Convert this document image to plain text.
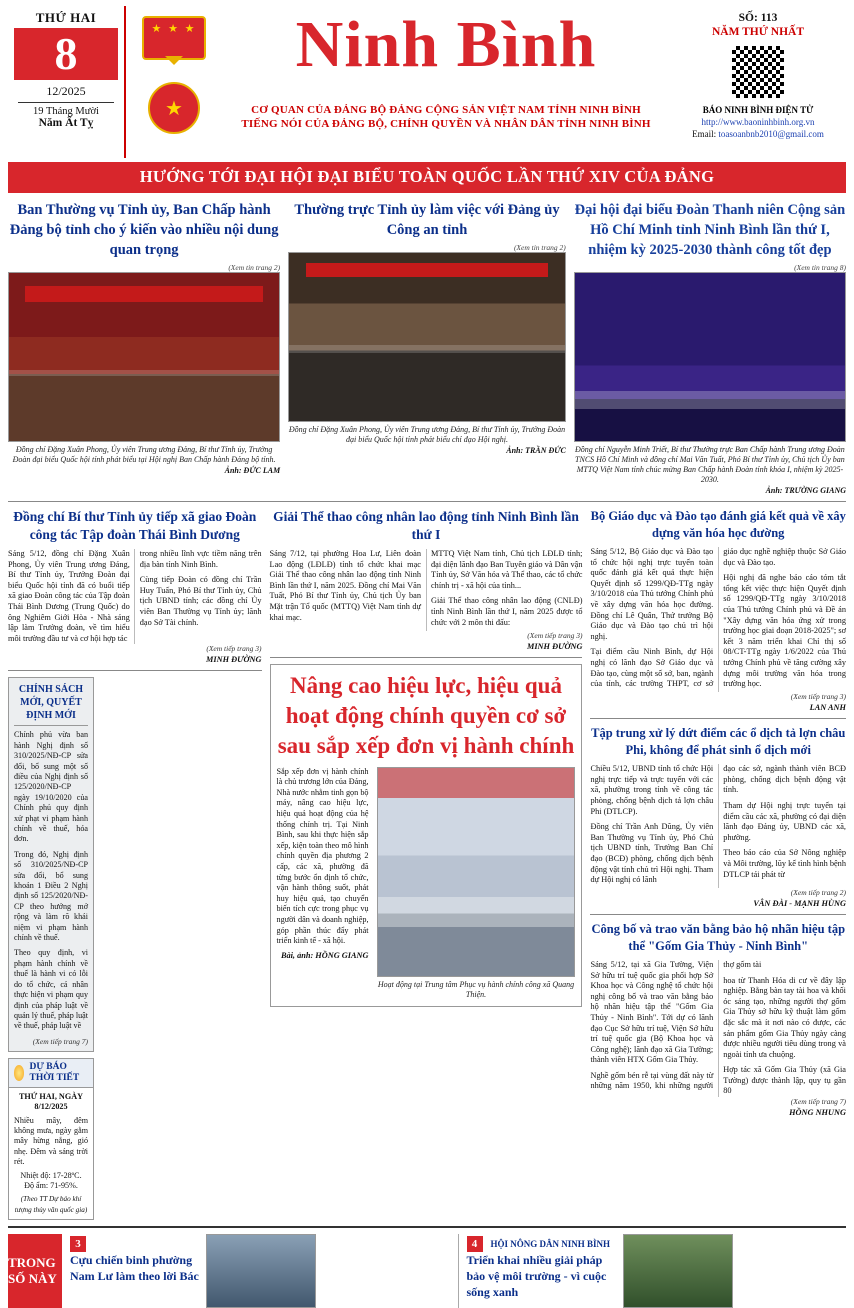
THỨ HAI
8
12/2025
19 Tháng Mười
Năm Ất Tỵ
★ ★ ★
★
Ninh Bình
CƠ QUAN CỦA ĐẢNG BỘ ĐẢNG CỘNG SẢN VIỆT NAM TỈNH NINH BÌNH
TIẾNG NÓI CỦA ĐẢNG BỘ, CHÍNH QUYỀN VÀ NHÂN DÂN TỈNH NINH BÌNH
SỐ: 113
NĂM THỨ NHẤT
BÁO NINH BÌNH ĐIỆN TỬ
http://www.baoninhbinh.org.vn
Email: toasoanbnb2010@gmail.com
HƯỚNG TỚI ĐẠI HỘI ĐẠI BIỂU TOÀN QUỐC LẦN THỨ XIV CỦA ĐẢNG
Ban Thường vụ Tỉnh ủy, Ban Chấp hành Đảng bộ tỉnh cho ý kiến vào nhiều nội dung quan trọng
(Xem tin trang 2)
Đồng chí Đặng Xuân Phong, Ủy viên Trung ương Đảng, Bí thư Tỉnh ủy, Trưởng Đoàn đại biểu Quốc hội tỉnh phát biểu tại Hội nghị Ban Chấp hành Đảng bộ tỉnh.
Ảnh: ĐỨC LAM
Thường trực Tỉnh ủy làm việc với Đảng ủy Công an tỉnh
(Xem tin trang 2)
Đồng chí Đặng Xuân Phong, Ủy viên Trung ương Đảng, Bí thư Tỉnh ủy, Trưởng Đoàn đại biểu Quốc hội tỉnh phát biểu chỉ đạo Hội nghị.
Ảnh: TRẦN ĐỨC
Đại hội đại biểu Đoàn Thanh niên Cộng sản Hồ Chí Minh tỉnh Ninh Bình lần thứ I, nhiệm kỳ 2025-2030 thành công tốt đẹp
(Xem tin trang 8)
Đồng chí Nguyễn Minh Triết, Bí thư Thường trực Ban Chấp hành Trung ương Đoàn TNCS Hồ Chí Minh và đồng chí Mai Văn Tuất, Phó Bí thư Tỉnh ủy, Chủ tịch Ủy ban MTTQ Việt Nam tỉnh chúc mừng Ban Chấp hành Đoàn tỉnh khóa I, nhiệm kỳ 2025-2030.
Ảnh: TRƯỜNG GIANG
Đồng chí Bí thư Tỉnh ủy tiếp xã giao Đoàn công tác Tập đoàn Thái Bình Dương

Sáng 5/12, đồng chí Đặng Xuân Phong, Ủy viên Trung ương Đảng, Bí thư Tỉnh ủy, Trưởng Đoàn đại biểu Quốc hội tỉnh đã có buổi tiếp xã giao Đoàn công tác của Tập đoàn Thái Bình Dương (Trung Quốc) do ông Nghiêm Giới Hòa - Nhà sáng lập làm Trưởng đoàn, về tìm hiểu môi trường đầu tư và cơ hội hợp tác

trong nhiều lĩnh vực tiềm năng trên địa bàn tỉnh Ninh Bình.

Cùng tiếp Đoàn có đồng chí Trần Huy Tuấn, Phó Bí thư Tỉnh ủy, Chủ tịch UBND tỉnh; các đồng chí Ủy viên Ban Thường vụ Tỉnh ủy; lãnh đạo Sở Tài chính.

(Xem tiếp trang 3)
MINH ĐƯỜNG
CHÍNH SÁCH MỚI, QUYẾT ĐỊNH MỚI

Chính phủ vừa ban hành Nghị định số 310/2025/NĐ-CP sửa đổi, bổ sung một số điều của Nghị định số 125/2020/NĐ-CP ngày 19/10/2020 của Chính phủ quy định xử phạt vi phạm hành chính về thuế, hóa đơn.

Trong đó, Nghị định số 310/2025/NĐ-CP sửa đổi, bổ sung khoản 1 Điều 2 Nghị định số 125/2020/NĐ-CP theo hướng mở rộng và làm rõ khái niệm vi phạm hành chính về thuế.

Theo quy định, vi phạm hành chính về thuế là hành vi có lỗi do tổ chức, cá nhân thực hiện vi phạm quy định của pháp luật về quản lý thuế, pháp luật về thuế, pháp luật về

(Xem tiếp trang 7)
DỰ BÁO THỜI TIẾT
THỨ HAI, NGÀY 8/12/2025
Nhiều mây, đêm không mưa, ngày gằm mây hừng nắng, gió nhẹ. Đêm và sáng trời rét.
Nhiệt độ: 17-28ºC.
Độ ẩm: 71-95%.
(Theo TT Dự báo khí tượng thủy văn quốc gia)
Giải Thể thao công nhân lao động tỉnh Ninh Bình lần thứ I

Sáng 7/12, tại phường Hoa Lư, Liên đoàn Lao động (LĐLĐ) tỉnh tổ chức khai mạc Giải Thể thao công nhân lao động tỉnh Ninh Bình lần thứ I, năm 2025. Đồng chí Mai Văn Tuất, Phó Bí thư Tỉnh ủy, Chủ tịch Ủy ban Mặt trận Tổ quốc (MTTQ) Việt Nam tỉnh dự khai mạc.

MTTQ Việt Nam tỉnh, Chủ tịch LĐLĐ tỉnh; đại diện lãnh đạo Ban Tuyên giáo và Dân vận Tỉnh ủy, Sở Văn hóa và Thể thao, các tổ chức chính trị - xã hội của tỉnh...

Giải Thể thao công nhân lao động (CNLĐ) tỉnh Ninh Bình lần thứ I, năm 2025 được tổ chức với 2 môn thi đấu:

(Xem tiếp trang 3)
MINH ĐƯỜNG
Nâng cao hiệu lực, hiệu quả hoạt động chính quyền cơ sở sau sắp xếp đơn vị hành chính
Sắp xếp đơn vị hành chính là chủ trương lớn của Đảng, Nhà nước nhằm tinh gọn bộ máy, nâng cao hiệu lực, hiệu quả hoạt động của hệ thống chính trị. Tại Ninh Bình, sau khi thực hiện sắp xếp, kiện toàn theo mô hình chính quyền địa phương 2 cấp, các xã, phường đã từng bước ổn định tổ chức, vận hành thông suốt, phát huy hiệu quả, tạo chuyển biến tích cực trong phục vụ người dân và doanh nghiệp, góp phần thúc đẩy phát triển kinh tế - xã hội.
Bài, ảnh: HỒNG GIANG
Hoạt động tại Trung tâm Phục vụ hành chính công xã Quang Thiện.
Bộ Giáo dục và Đào tạo đánh giá kết quả về xây dựng văn hóa học đường

Sáng 5/12, Bộ Giáo dục và Đào tạo tổ chức hội nghị trực tuyến toàn quốc đánh giá kết quả thực hiện Quyết định số 1299/QĐ-TTg ngày 3/10/2018 của Thủ tướng Chính phủ về xây dựng văn hóa học đường. Đồng chí Lê Quân, Thứ trưởng Bộ Giáo dục và Đào tạo chủ trì hội nghị.

Tại điểm cầu Ninh Bình, dự Hội nghị có lãnh đạo Sở Giáo dục và Đào tạo, cùng một số sở, ban, ngành của tỉnh, các trường THPT, cơ sở giáo dục nghề nghiệp thuộc Sở Giáo dục và Đào tạo.

Hội nghị đã nghe báo cáo tóm tắt tổng kết việc thực hiện Quyết định số 1299/QĐ-TTg ngày 3/10/2018 của Thủ tướng Chính phủ và Đề án "Xây dựng văn hóa ứng xử trong trường học giai đoạn 2018-2025"; sơ kết 3 năm triển khai Chỉ thị số 08/CT-TTg ngày 1/6/2022 của Thủ tướng Chính phủ về tăng cường xây dựng môi trường văn hóa trong trường học.

(Xem tiếp trang 3)
LAN ANH
Tập trung xử lý dứt điểm các ổ dịch tả lợn châu Phi, không để phát sinh ổ dịch mới

Chiều 5/12, UBND tỉnh tổ chức Hội nghị trực tiếp và trực tuyến với các xã, phường trong tỉnh về công tác phòng, chống bệnh dịch tả lợn châu Phi (DTLCP).

Đồng chí Trần Anh Dũng, Ủy viên Ban Thường vụ Tỉnh ủy, Phó Chủ tịch UBND tỉnh, Trưởng Ban Chỉ đạo (BCĐ) phòng, chống dịch bệnh động vật tỉnh chủ trì Hội nghị. Tham dự Hội nghị có lãnh

đạo các sở, ngành thành viên BCĐ phòng, chống dịch bệnh động vật tỉnh.

Tham dự Hội nghị trực tuyến tại điểm cầu các xã, phường có đại diện lãnh đạo Đảng ủy, UBND các xã, phường.

Theo báo cáo của Sở Nông nghiệp và Môi trường, lũy kế tình hình bệnh DTLCP tái phát từ

(Xem tiếp trang 2)
VÂN ĐÀI - MẠNH HÙNG
Công bố và trao văn bằng bảo hộ nhãn hiệu tập thể "Gốm Gia Thủy - Ninh Bình"

Sáng 5/12, tại xã Gia Tường, Viện Sở hữu trí tuệ quốc gia phối hợp Sở Khoa học và Công nghệ tổ chức hội nghị công bố và trao văn bằng bảo hộ nhãn hiệu tập thể "Gốm Gia Thủy - Ninh Bình". Tới dự có lãnh đạo Cục Sở hữu trí tuệ, Viện Sở hữu trí tuệ quốc gia (Bộ Khoa học và Công nghệ); lãnh đạo xã Gia Tường; thành viên HTX Gốm Gia Thủy.

Nghề gốm bén rễ tại vùng đất này từ những năm 1950, khi những người thợ gốm tài

hoa từ Thanh Hóa di cư về đây lập nghiệp. Bằng bàn tay tài hoa và khối óc sáng tạo, những người thợ gốm Gia Thủy sở hữu kỹ thuật làm gốm đặc sắc mà ít nơi nào có được, các sản phẩm gốm Gia Thủy ngày càng được nhiều người tiêu dùng trong và ngoài tỉnh ưa chuộng.

Hợp tác xã Gốm Gia Thủy (xã Gia Tường) được thành lập, quy tụ gần 80

(Xem tiếp trang 7)
HỒNG NHUNG
TRONG SỐ NÀY
3
Cựu chiến binh phường Nam Lư làm theo lời Bác
4 HỘI NÔNG DÂN NINH BÌNH
Triển khai nhiều giải pháp bảo vệ môi trường - vì cuộc sống xanh
